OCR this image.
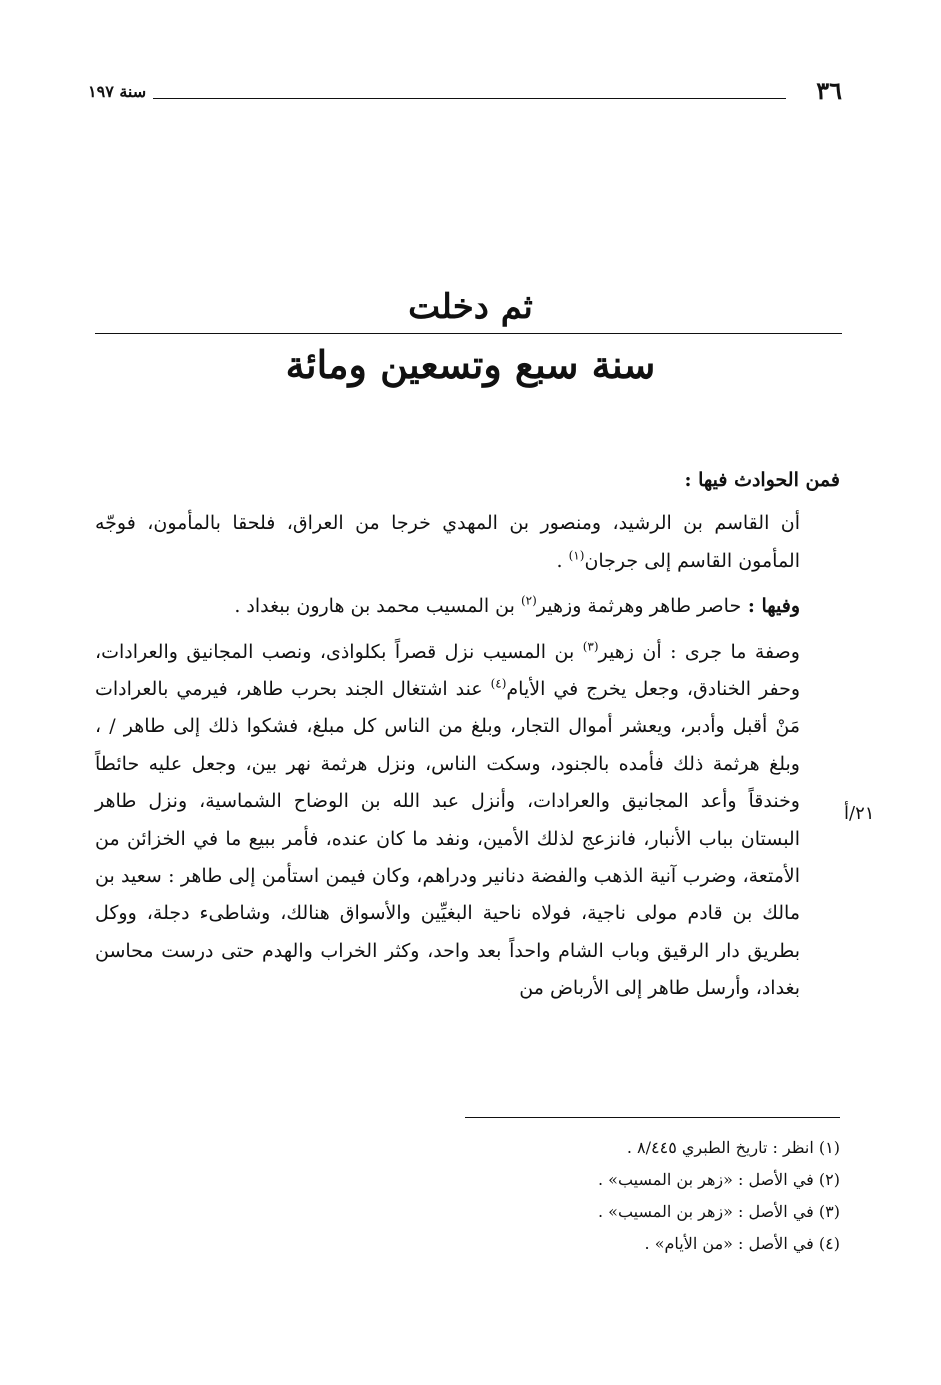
٣٦
سنة ١٩٧
ثم دخلت
سنة سبع وتسعين ومائة

فمن الحوادث فيها :

أن القاسم بن الرشيد، ومنصور بن المهدي خرجا من العراق، فلحقا بالمأمون، فوجّه المأمون القاسم إلى جرجان$^{(١)}$ .

وفيها : حاصر طاهر وهرثمة وزهير$^{(٢)}$ بن المسيب محمد بن هارون ببغداد .

وصفة ما جرى : أن زهير$^{(٣)}$ بن المسيب نزل قصراً بكلواذى، ونصب المجانيق والعرادات، وحفر الخنادق، وجعل يخرج في الأيام$^{(٤)}$ عند اشتغال الجند بحرب طاهر، فيرمي بالعرادات مَنْ أقبل وأدبر، ويعشر أموال التجار، وبلغ من الناس كل مبلغ، فشكوا ذلك إلى طاهر / ، وبلغ هرثمة ذلك فأمده بالجنود، وسكت الناس، ونزل هرثمة نهر بين، وجعل عليه حائطاً وخندقاً وأعد المجانيق والعرادات، وأنزل عبد الله بن الوضاح الشماسية، ونزل طاهر البستان بباب الأنبار، فانزعج لذلك الأمين، ونفد ما كان عنده، فأمر ببيع ما في الخزائن من الأمتعة، وضرب آنية الذهب والفضة دنانير ودراهم، وكان فيمن استأمن إلى طاهر : سعيد بن مالك بن قادم مولى ناجية، فولاه ناحية البغيِّين والأسواق هنالك، وشاطىء دجلة، ووكل بطريق دار الرقيق وباب الشام واحداً بعد واحد، وكثر الخراب والهدم حتى درست محاسن بغداد، وأرسل طاهر إلى الأرباض من

٢١/أ
(١) انظر : تاريخ الطبري ٨/٤٤٥ .
(٢) في الأصل : «زهر بن المسيب» .
(٣) في الأصل : «زهر بن المسيب» .
(٤) في الأصل : «من الأيام» .
